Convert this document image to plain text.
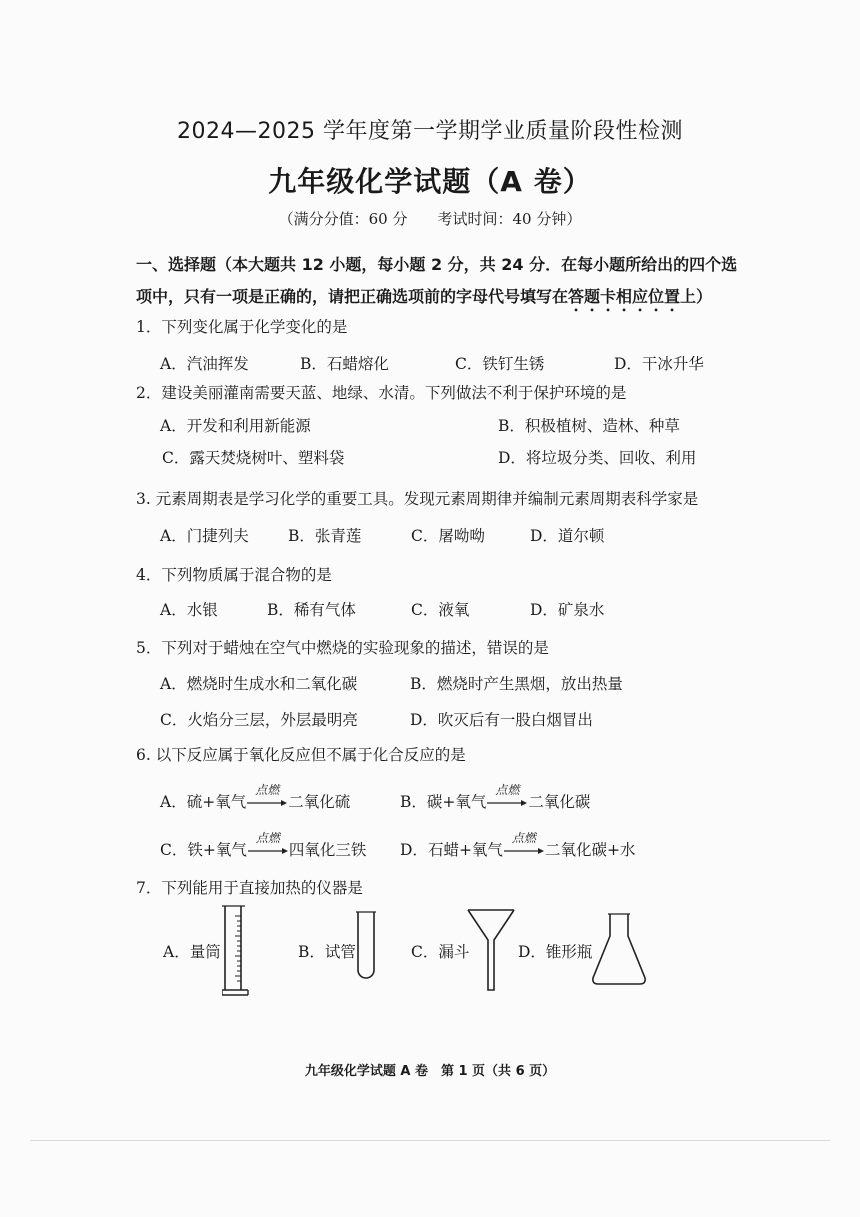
2024—2025 学年度第一学期学业质量阶段性检测
九年级化学试题（A 卷）
（满分分值：60 分　　考试时间：40 分钟）
一、选择题（本大题共 12 小题，每小题 2 分，共 24 分．在每小题所给出的四个选
项中，只有一项是正确的，请把正确选项前的字母代号填写在答题卡相应位置上）
1．下列变化属于化学变化的是
A．汽油挥发	B．石蜡熔化	C．铁钉生锈	D．干冰升华
2．建设美丽灌南需要天蓝、地绿、水清。下列做法不利于保护环境的是
A．开发和利用新能源	B．积极植树、造林、种草
C．露天焚烧树叶、塑料袋	D．将垃圾分类、回收、利用
3. 元素周期表是学习化学的重要工具。发现元素周期律并编制元素周期表科学家是
A．门捷列夫	B．张青莲	C．屠呦呦	D．道尔顿
4．下列物质属于混合物的是
A．水银	B．稀有气体	C．液氧	D．矿泉水
5．下列对于蜡烛在空气中燃烧的实验现象的描述，错误的是
A．燃烧时生成水和二氧化碳	B．燃烧时产生黑烟，放出热量
C．火焰分三层，外层最明亮	D．吹灭后有一股白烟冒出
6. 以下反应属于氧化反应但不属于化合反应的是
A． 硫+氧气
点燃
二氧化硫	B． 碳+氧气
点燃
二氧化碳
C． 铁+氧气
点燃
四氧化三铁 D． 石蜡+氧气
点燃
二氧化碳+水
7．下列能用于直接加热的仪器是
A．量筒	B．试管	C．漏斗	D．锥形瓶
九年级化学试题 A 卷　第 1 页（共 6 页）
